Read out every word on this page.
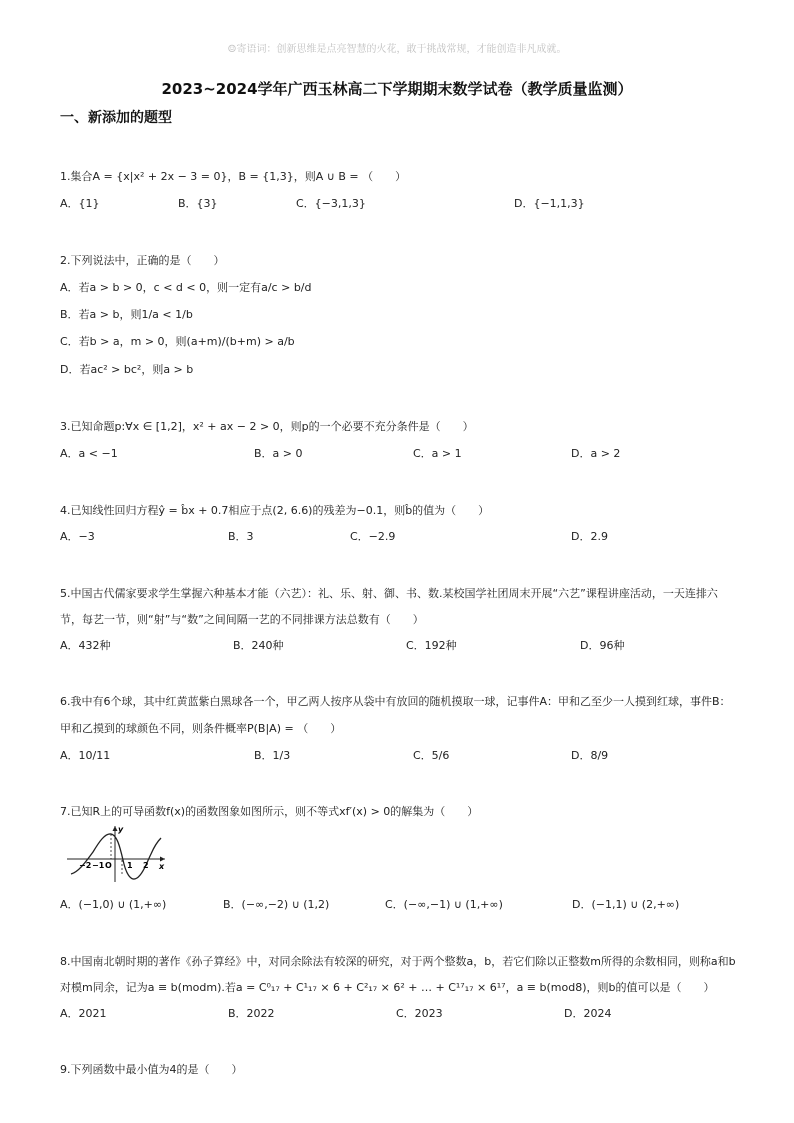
☺寄语词：创新思维是点亮智慧的火花，敢于挑战常规，才能创造非凡成就。
2023~2024学年广西玉林高二下学期期末数学试卷（教学质量监测）
一、新添加的题型
1.集合A = {x|x² + 2x − 3 = 0}，B = {1,3}，则A ∪ B = （　　）
A．{1}	B．{3}	C．{−3,1,3}	D．{−1,1,3}
2.下列说法中，正确的是（　　）
A．若a > b > 0，c < d < 0，则一定有a/c > b/d
B．若a > b，则1/a < 1/b
C．若b > a，m > 0，则(a+m)/(b+m) > a/b
D．若ac² > bc²，则a > b
3.已知命题p:∀x ∈ [1,2]，x² + ax − 2 > 0，则p的一个必要不充分条件是（　　）
A．a < −1	B．a > 0	C．a > 1	D．a > 2
4.已知线性回归方程ŷ = b̂x + 0.7相应于点(2, 6.6)的残差为−0.1，则b̂的值为（　　）
A．−3	B．3	C．−2.9	D．2.9
5.中国古代儒家要求学生掌握六种基本才能（六艺）：礼、乐、射、御、书、数.某校国学社团周末开展“六艺”课程讲座活动，一天连排六
节，每艺一节，则“射”与“数”之间间隔一艺的不同排课方法总数有（　　）
A．432种	B．240种	C．192种	D．96种
6.我中有6个球，其中红黄蓝紫白黑球各一个，甲乙两人按序从袋中有放回的随机摸取一球，记事件A：甲和乙至少一人摸到红球，事件B：
甲和乙摸到的球颜色不同，则条件概率P(B|A) = （　　）
A．10/11	B．1/3	C．5/6	D．8/9
7.已知R上的可导函数f(x)的函数图象如图所示，则不等式xf′(x) > 0的解集为（　　）
y
x
−2 −1 O 1 2
A．(−1,0) ∪ (1,+∞)	B．(−∞,−2) ∪ (1,2)	C．(−∞,−1) ∪ (1,+∞)	D．(−1,1) ∪ (2,+∞)
8.中国南北朝时期的著作《孙子算经》中，对同余除法有较深的研究，对于两个整数a，b，若它们除以正整数m所得的余数相同，则称a和b
对模m同余，记为a ≡ b(modm).若a = C⁰₁₇ + C¹₁₇ × 6 + C²₁₇ × 6² + … + C¹⁷₁₇ × 6¹⁷，a ≡ b(mod8)，则b的值可以是（　　）
A．2021	B．2022	C．2023	D．2024
9.下列函数中最小值为4的是（　　）
